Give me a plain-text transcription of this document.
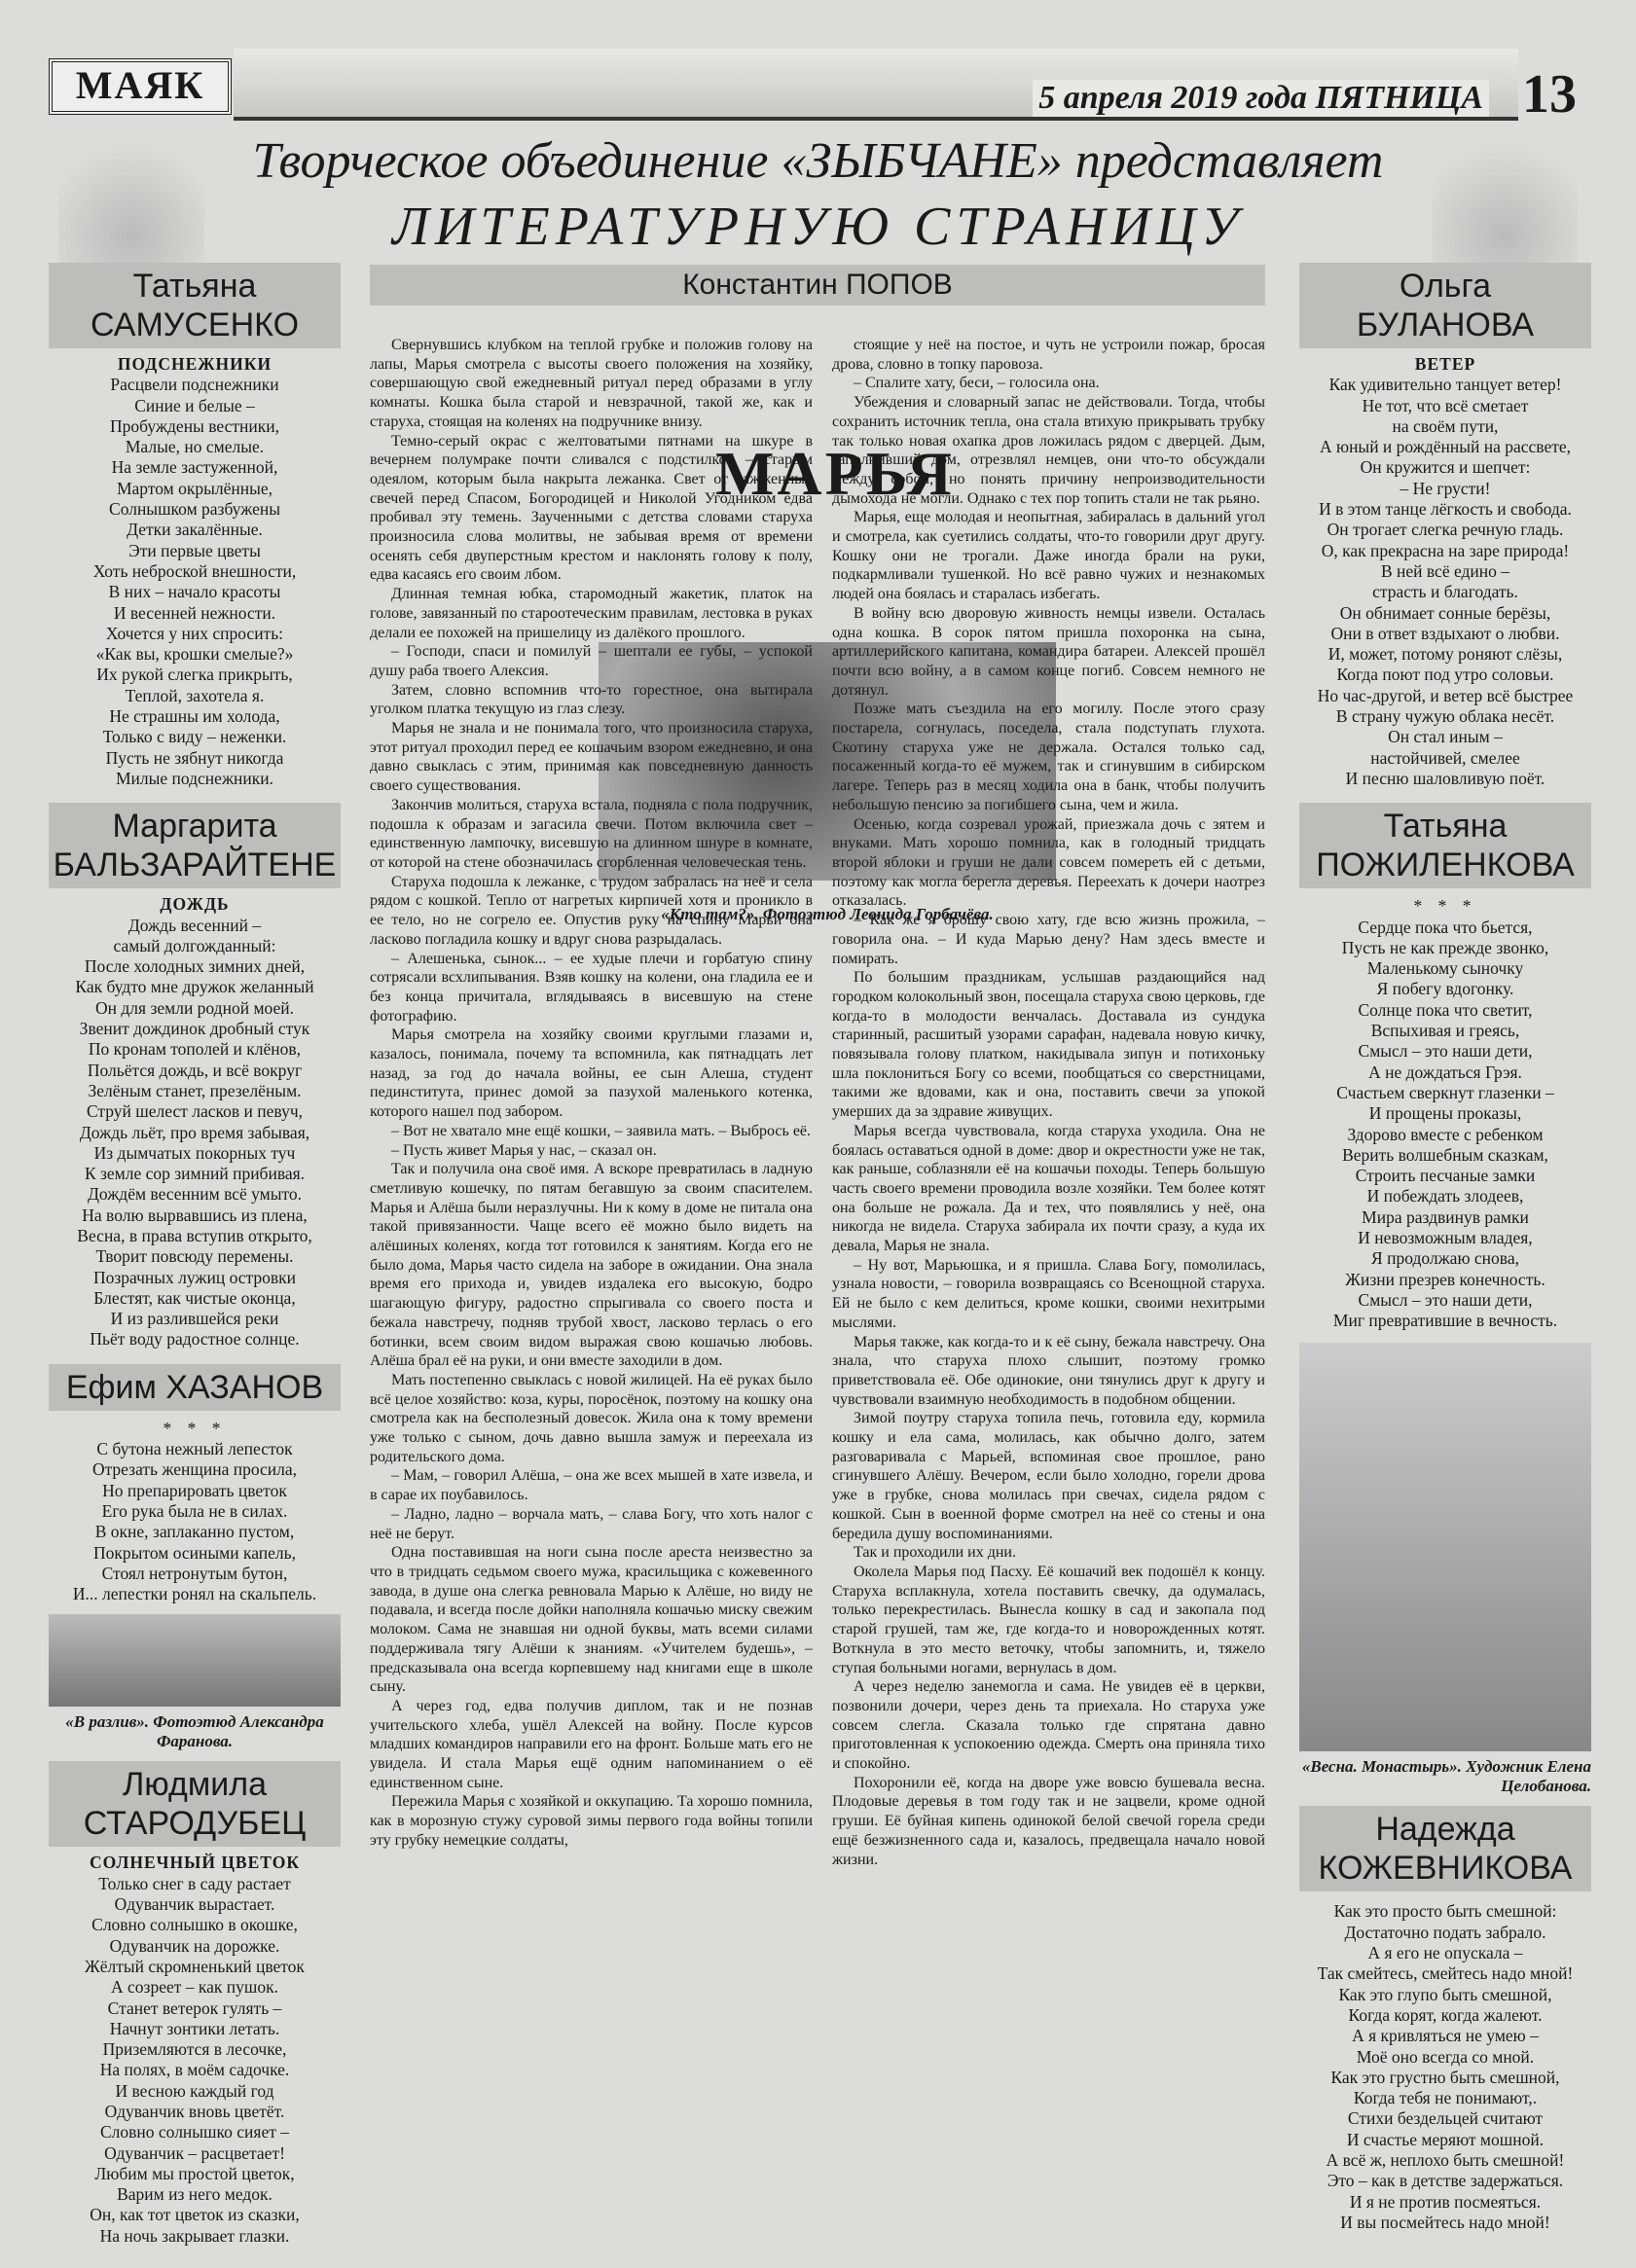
МАЯК	5 апреля 2019 года ПЯТНИЦА 13
Творческое объединение «ЗЫБЧАНЕ» представляет
ЛИТЕРАТУРНУЮ СТРАНИЦУ
Татьяна
САМУСЕНКО
ПОДСНЕЖНИКИ
Расцвели подснежники
Синие и белые –
Пробуждены вестники,
Малые, но смелые.
На земле застуженной,
Мартом окрылённые,
Солнышком разбужены
Детки закалённые.
Эти первые цветы
Хоть неброской внешности,
В них – начало красоты
И весенней нежности.
Хочется у них спросить:
«Как вы, крошки смелые?»
Их рукой слегка прикрыть,
Теплой, захотела я.
Не страшны им холода,
Только с виду – неженки.
Пусть не зябнут никогда
Милые подснежники.
Маргарита
БАЛЬЗАРАЙТЕНЕ
ДОЖДЬ
Дождь весенний –
самый долгожданный:
После холодных зимних дней,
Как будто мне дружок желанный
Он для земли родной моей.
Звенит дождинок дробный стук
По кронам тополей и клёнов,
Польётся дождь, и всё вокруг
Зелёным станет, презелёным.
Струй шелест ласков и певуч,
Дождь льёт, про время забывая,
Из дымчатых покорных туч
К земле сор зимний прибивая.
Дождём весенним всё умыто.
На волю вырвавшись из плена,
Весна, в права вступив открыто,
Творит повсюду перемены.
Позрачных лужиц островки
Блестят, как чистые оконца,
И из разлившейся реки
Пьёт воду радостное солнце.
Ефим ХАЗАНОВ
* * *
С бутона нежный лепесток
Отрезать женщина просила,
Но препарировать цветок
Его рука была не в силах.
В окне, заплаканно пустом,
Покрытом осиными капель,
Стоял нетронутым бутон,
И... лепестки ронял на скальпель.
«В разлив». Фотоэтюд Александра Фаранова.
Людмила
СТАРОДУБЕЦ
СОЛНЕЧНЫЙ ЦВЕТОК
Только снег в саду растает
Одуванчик вырастает.
Словно солнышко в окошке,
Одуванчик на дорожке.
Жёлтый скромненький цветок
А созреет – как пушок.
Станет ветерок гулять –
Начнут зонтики летать.
Приземляются в лесочке,
На полях, в моём садочке.
И весною каждый год
Одуванчик вновь цветёт.
Словно солнышко сияет –
Одуванчик – расцветает!
Любим мы простой цветок,
Варим из него медок.
Он, как тот цветок из сказки,
На ночь закрывает глазки.
Константин ПОПОВ
МАРЬЯ
«Кто там?». Фотоэтюд Леонида Горбачёва.

Свернувшись клубком на теплой грубке и положив голову на лапы, Марья смотрела с высоты своего положения на хозяйку, совершающую свой ежедневный ритуал перед образами в углу комнаты. Кошка была старой и невзрачной, такой же, как и старуха, стоящая на коленях на подручнике внизу.

Темно-серый окрас с желтоватыми пятнами на шкуре в вечернем полумраке почти сливался с подстилкой – старым одеялом, которым была накрыта лежанка. Свет от зажженных свечей перед Спасом, Богородицей и Николой Угодником едва пробивал эту темень. Заученными с детства словами старуха произносила слова молитвы, не забывая время от времени осенять себя двуперстным крестом и наклонять голову к полу, едва касаясь его своим лбом.

Длинная темная юбка, старомодный жакетик, платок на голове, завязанный по староотеческим правилам, лестовка в руках делали ее похожей на пришелицу из далёкого прошлого.

– Господи, спаси и помилуй – шептали ее губы, – успокой душу раба твоего Алексия.

Затем, словно вспомнив что-то горестное, она вытирала уголком платка текущую из глаз слезу.

Марья не знала и не понимала того, что произносила старуха, этот ритуал проходил перед ее кошачьим взором ежедневно, и она давно свыклась с этим, принимая как повседневную данность своего существования.

Закончив молиться, старуха встала, подняла с пола подручник, подошла к образам и загасила свечи. Потом включила свет – единственную лампочку, висевшую на длинном шнуре в комнате, от которой на стене обозначилась сгорбленная человеческая тень.

Старуха подошла к лежанке, с трудом забралась на неё и села рядом с кошкой. Тепло от нагретых кирпичей хотя и проникло в ее тело, но не согрело ее. Опустив руку на спину Марьи она ласково погладила кошку и вдруг снова разрыдалась.

– Алешенька, сынок... – ее худые плечи и горбатую спину сотрясали всхлипывания. Взяв кошку на колени, она гладила ее и без конца причитала, вглядываясь в висевшую на стене фотографию.

Марья смотрела на хозяйку своими круглыми глазами и, казалось, понимала, почему та вспомнила, как пятнадцать лет назад, за год до начала войны, ее сын Алеша, студент пединститута, принес домой за пазухой маленького котенка, которого нашел под забором.

– Вот не хватало мне ещё кошки, – заявила мать. – Выбрось её.

– Пусть живет Марья у нас, – сказал он.

Так и получила она своё имя. А вскоре превратилась в ладную сметливую кошечку, по пятам бегавшую за своим спасителем. Марья и Алёша были неразлучны. Ни к кому в доме не питала она такой привязанности. Чаще всего её можно было видеть на алёшиных коленях, когда тот готовился к занятиям. Когда его не было дома, Марья часто сидела на заборе в ожидании. Она знала время его прихода и, увидев издалека его высокую, бодро шагающую фигуру, радостно спрыгивала со своего поста и бежала навстречу, подняв трубой хвост, ласково терлась о его ботинки, всем своим видом выражая свою кошачью любовь. Алёша брал её на руки, и они вместе заходили в дом.

Мать постепенно свыклась с новой жилицей. На её руках было всё целое хозяйство: коза, куры, поросёнок, поэтому на кошку она смотрела как на бесполезный довесок. Жила она к тому времени уже только с сыном, дочь давно вышла замуж и переехала из родительского дома.

– Мам, – говорил Алёша, – она же всех мышей в хате извела, и в сарае их поубавилось.

– Ладно, ладно – ворчала мать, – слава Богу, что хоть налог с неё не берут.

Одна поставившая на ноги сына после ареста неизвестно за что в тридцать седьмом своего мужа, красильщика с кожевенного завода, в душе она слегка ревновала Марью к Алёше, но виду не подавала, и всегда после дойки наполняла кошачью миску свежим молоком. Сама не знавшая ни одной буквы, мать всеми силами поддерживала тягу Алёши к знаниям. «Учителем будешь», – предсказывала она всегда корпевшему над книгами еще в школе сыну.

А через год, едва получив диплом, так и не познав учительского хлеба, ушёл Алексей на войну. После курсов младших командиров направили его на фронт. Больше мать его не увидела. И стала Марья ещё одним напоминанием о её единственном сыне.

Пережила Марья с хозяйкой и оккупацию. Та хорошо помнила, как в морозную стужу суровой зимы первого года войны топили эту грубку немецкие солдаты,

стоящие у неё на постое, и чуть не устроили пожар, бросая дрова, словно в топку паровоза.

– Спалите хату, беси, – голосила она.

Убеждения и словарный запас не действовали. Тогда, чтобы сохранить источник тепла, она стала втихую прикрывать трубку так только новая охапка дров ложилась рядом с дверцей. Дым, заполнивший дом, отрезвлял немцев, они что-то обсуждали между собой, но понять причину непроизводительности дымохода не могли. Однако с тех пор топить стали не так рьяно.

Марья, еще молодая и неопытная, забиралась в дальний угол и смотрела, как суетились солдаты, что-то говорили друг другу. Кошку они не трогали. Даже иногда брали на руки, подкармливали тушенкой. Но всё равно чужих и незнакомых людей она боялась и старалась избегать.

В войну всю дворовую живность немцы извели. Осталась одна кошка. В сорок пятом пришла похоронка на сына, артиллерийского капитана, командира батареи. Алексей прошёл почти всю войну, а в самом конце погиб. Совсем немного не дотянул.

Позже мать съездила на его могилу. После этого сразу постарела, согнулась, поседела, стала подступать глухота. Скотину старуха уже не держала. Остался только сад, посаженный когда-то её мужем, так и сгинувшим в сибирском лагере. Теперь раз в месяц ходила она в банк, чтобы получить небольшую пенсию за погибшего сына, чем и жила.

Осенью, когда созревал урожай, приезжала дочь с зятем и внуками. Мать хорошо помнила, как в голодный тридцать второй яблоки и груши не дали совсем помереть ей с детьми, поэтому как могла берегла деревья. Переехать к дочери наотрез отказалась.

– Как же я брошу свою хату, где всю жизнь прожила, – говорила она. – И куда Марью дену? Нам здесь вместе и помирать.

По большим праздникам, услышав раздающийся над городком колокольный звон, посещала старуха свою церковь, где когда-то в молодости венчалась. Доставала из сундука старинный, расшитый узорами сарафан, надевала новую кичку, повязывала голову платком, накидывала зипун и потихоньку шла поклониться Богу со всеми, пообщаться со сверстницами, такими же вдовами, как и она, поставить свечи за упокой умерших да за здравие живущих.

Марья всегда чувствовала, когда старуха уходила. Она не боялась оставаться одной в доме: двор и окрестности уже не так, как раньше, соблазняли её на кошачьи походы. Теперь большую часть своего времени проводила возле хозяйки. Тем более котят она больше не рожала. Да и тех, что появлялись у неё, она никогда не видела. Старуха забирала их почти сразу, а куда их девала, Марья не знала.

– Ну вот, Марьюшка, и я пришла. Слава Богу, помолилась, узнала новости, – говорила возвращаясь со Всенощной старуха. Ей не было с кем делиться, кроме кошки, своими нехитрыми мыслями.

Марья также, как когда-то и к её сыну, бежала навстречу. Она знала, что старуха плохо слышит, поэтому громко приветствовала её. Обе одинокие, они тянулись друг к другу и чувствовали взаимную необходимость в подобном общении.

Зимой поутру старуха топила печь, готовила еду, кормила кошку и ела сама, молилась, как обычно долго, затем разговаривала с Марьей, вспоминая свое прошлое, рано сгинувшего Алёшу. Вечером, если было холодно, горели дрова уже в грубке, снова молилась при свечах, сидела рядом с кошкой. Сын в военной форме смотрел на неё со стены и она бередила душу воспоминаниями.

Так и проходили их дни.

Околела Марья под Пасху. Её кошачий век подошёл к концу. Старуха всплакнула, хотела поставить свечку, да одумалась, только перекрестилась. Вынесла кошку в сад и закопала под старой грушей, там же, где когда-то и новорожденных котят. Воткнула в это место веточку, чтобы запомнить, и, тяжело ступая больными ногами, вернулась в дом.

А через неделю занемогла и сама. Не увидев её в церкви, позвонили дочери, через день та приехала. Но старуха уже совсем слегла. Сказала только где спрятана давно приготовленная к успокоению одежда. Смерть она приняла тихо и спокойно.

Похоронили её, когда на дворе уже вовсю бушевала весна. Плодовые деревья в том году так и не зацвели, кроме одной груши. Её буйная кипень одинокой белой свечой горела среди ещё безжизненного сада и, казалось, предвещала начало новой жизни.

Ольга
БУЛАНОВА
ВЕТЕР
Как удивительно танцует ветер!
Не тот, что всё сметает
на своём пути,
А юный и рождённый на рассвете,
Он кружится и шепчет:
– Не грусти!
И в этом танце лёгкость и свобода.
Он трогает слегка речную гладь.
О, как прекрасна на заре природа!
В ней всё едино –
страсть и благодать.
Он обнимает сонные берёзы,
Они в ответ вздыхают о любви.
И, может, потому роняют слёзы,
Когда поют под утро соловьи.
Но час-другой, и ветер всё быстрее
В страну чужую облака несёт.
Он стал иным –
настойчивей, смелее
И песню шаловливую поёт.
Татьяна
ПОЖИЛЕНКОВА
* * *
Сердце пока что бьется,
Пусть не как прежде звонко,
Маленькому сыночку
Я побегу вдогонку.
Солнце пока что светит,
Вспыхивая и греясь,
Смысл – это наши дети,
А не дождаться Грэя.
Счастьем сверкнут глазенки –
И прощены проказы,
Здорово вместе с ребенком
Верить волшебным сказкам,
Строить песчаные замки
И побеждать злодеев,
Мира раздвинув рамки
И невозможным владея,
Я продолжаю снова,
Жизни презрев конечность.
Смысл – это наши дети,
Миг превратившие в вечность.
«Весна. Монастырь». Художник Елена Целобанова.
Надежда
КОЖЕВНИКОВА
Как это просто быть смешной:
Достаточно подать забрало.
А я его не опускала –
Так смейтесь, смейтесь надо мной!
Как это глупо быть смешной,
Когда корят, когда жалеют.
А я кривляться не умею –
Моё оно всегда со мной.
Как это грустно быть смешной,
Когда тебя не понимают,.
Стихи бездельцей считают
И счастье меряют мошной.
А всё ж, неплохо быть смешной!
Это – как в детстве задержаться.
И я не против посмеяться.
И вы посмейтесь надо мной!
